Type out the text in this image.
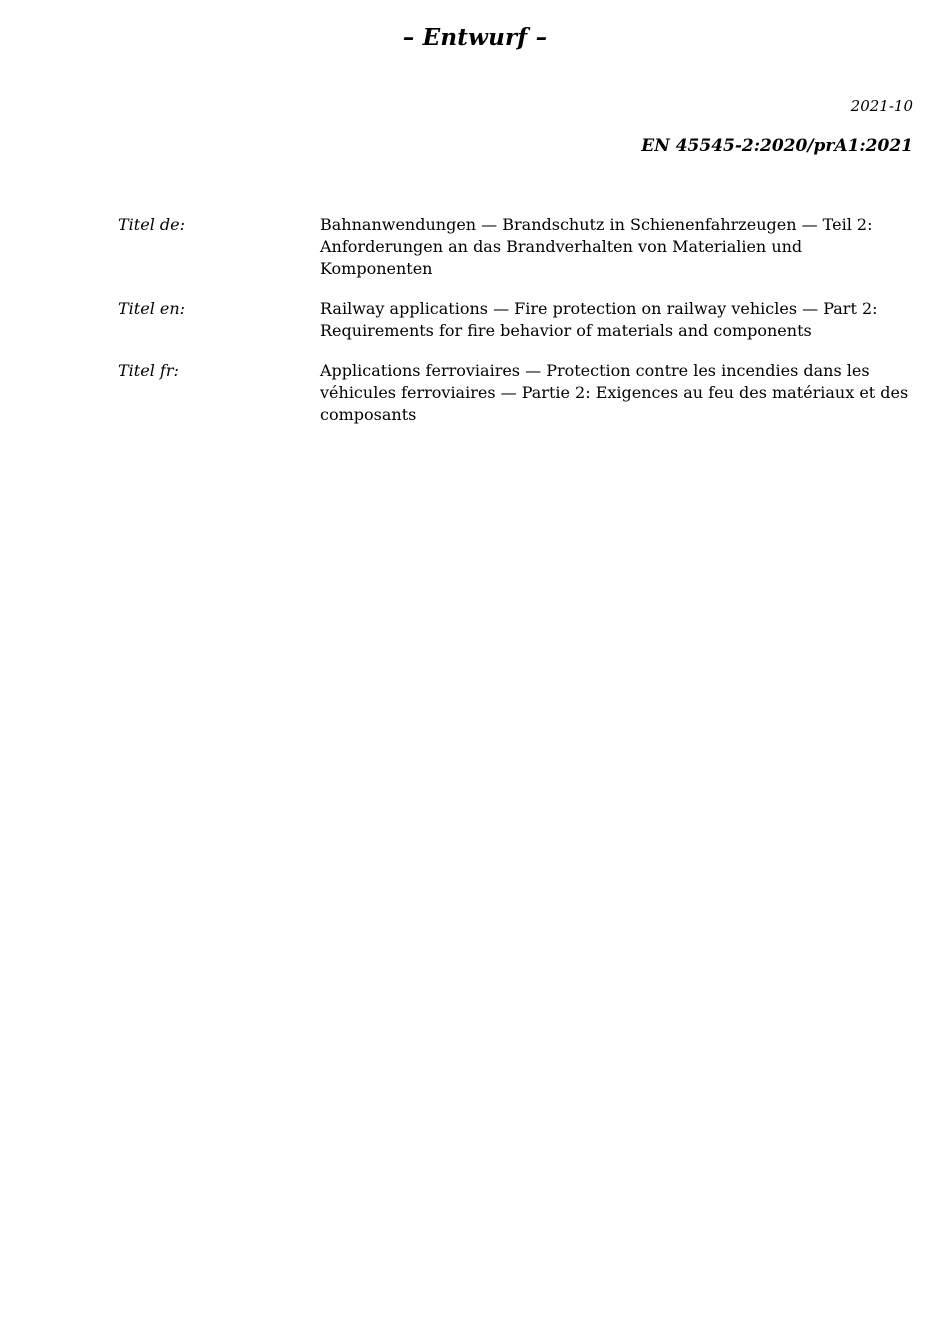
– Entwurf –
2021-10
EN 45545-2:2020/prA1:2021
Titel de:	Bahnanwendungen — Brandschutz in Schienenfahrzeugen — Teil 2:
Anforderungen an das Brandverhalten von Materialien und Komponenten
Titel en:	Railway applications — Fire protection on railway vehicles — Part 2:
Requirements for fire behavior of materials and components
Titel fr:	Applications ferroviaires — Protection contre les incendies dans les
véhicules ferroviaires — Partie 2: Exigences au feu des matériaux et des
composants
